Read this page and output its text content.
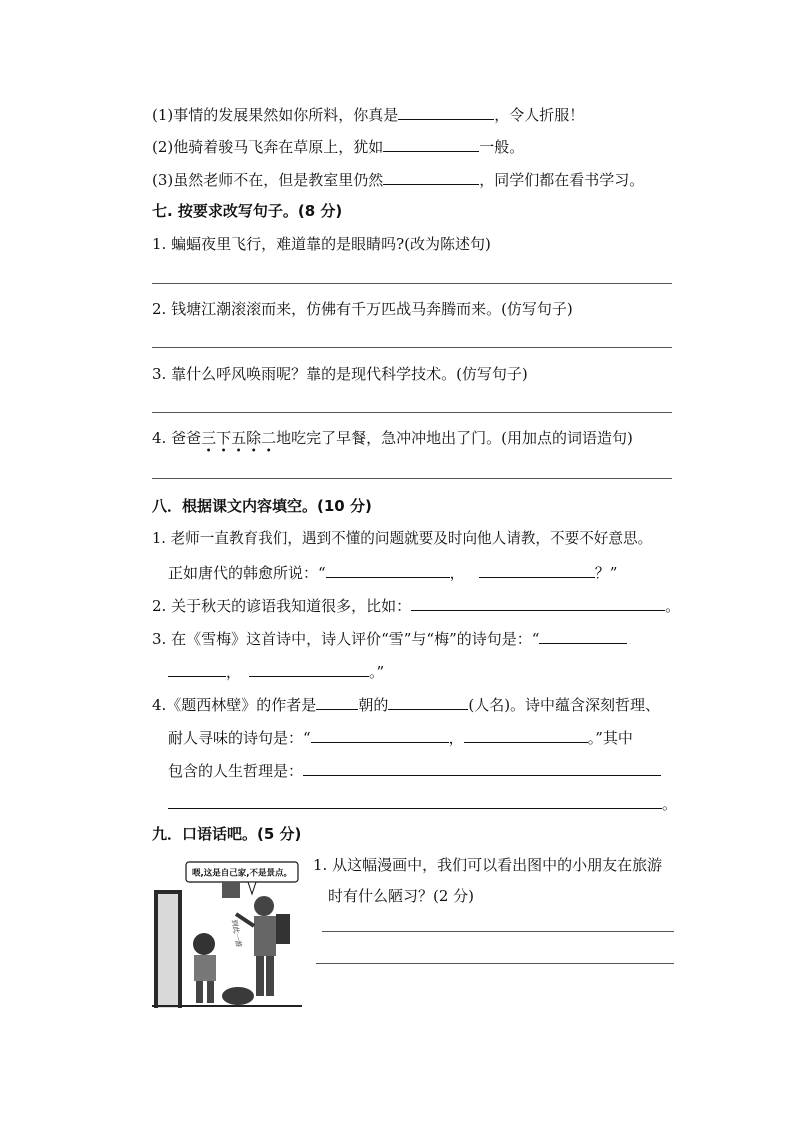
(1)事情的发展果然如你所料，你真是	，令人折服！
(2)他骑着骏马飞奔在草原上，犹如	一般。
(3)虽然老师不在，但是教室里仍然	，同学们都在看书学习。
七. 按要求改写句子。(8 分)
1. 蝙蝠夜里飞行，难道靠的是眼睛吗?(改为陈述句)
2. 钱塘江潮滚滚而来，仿佛有千万匹战马奔腾而来。(仿写句子)
3. 靠什么呼风唤雨呢？靠的是现代科学技术。(仿写句子)
4. 爸爸三下五除二地吃完了早餐，急冲冲地出了门。(用加点的词语造句)
八．根据课文内容填空。(10 分)
1. 老师一直教育我们，遇到不懂的问题就要及时向他人请教，不要不好意思。
正如唐代的韩愈所说：“	，	？”
2. 关于秋天的谚语我知道很多，比如：	。
3. 在《雪梅》这首诗中，诗人评价“雪”与“梅”的诗句是：“
，	。”
4.《题西林壁》的作者是	朝的	(人名)。诗中蕴含深刻哲理、
耐人寻味的诗句是：“	，	。”其中
包含的人生哲理是：
。
九．口语话吧。(5 分)
喂,这是自己家,不是景点。
到此一游
1. 从这幅漫画中，我们可以看出图中的小朋友在旅游
时有什么陋习？(2 分)
